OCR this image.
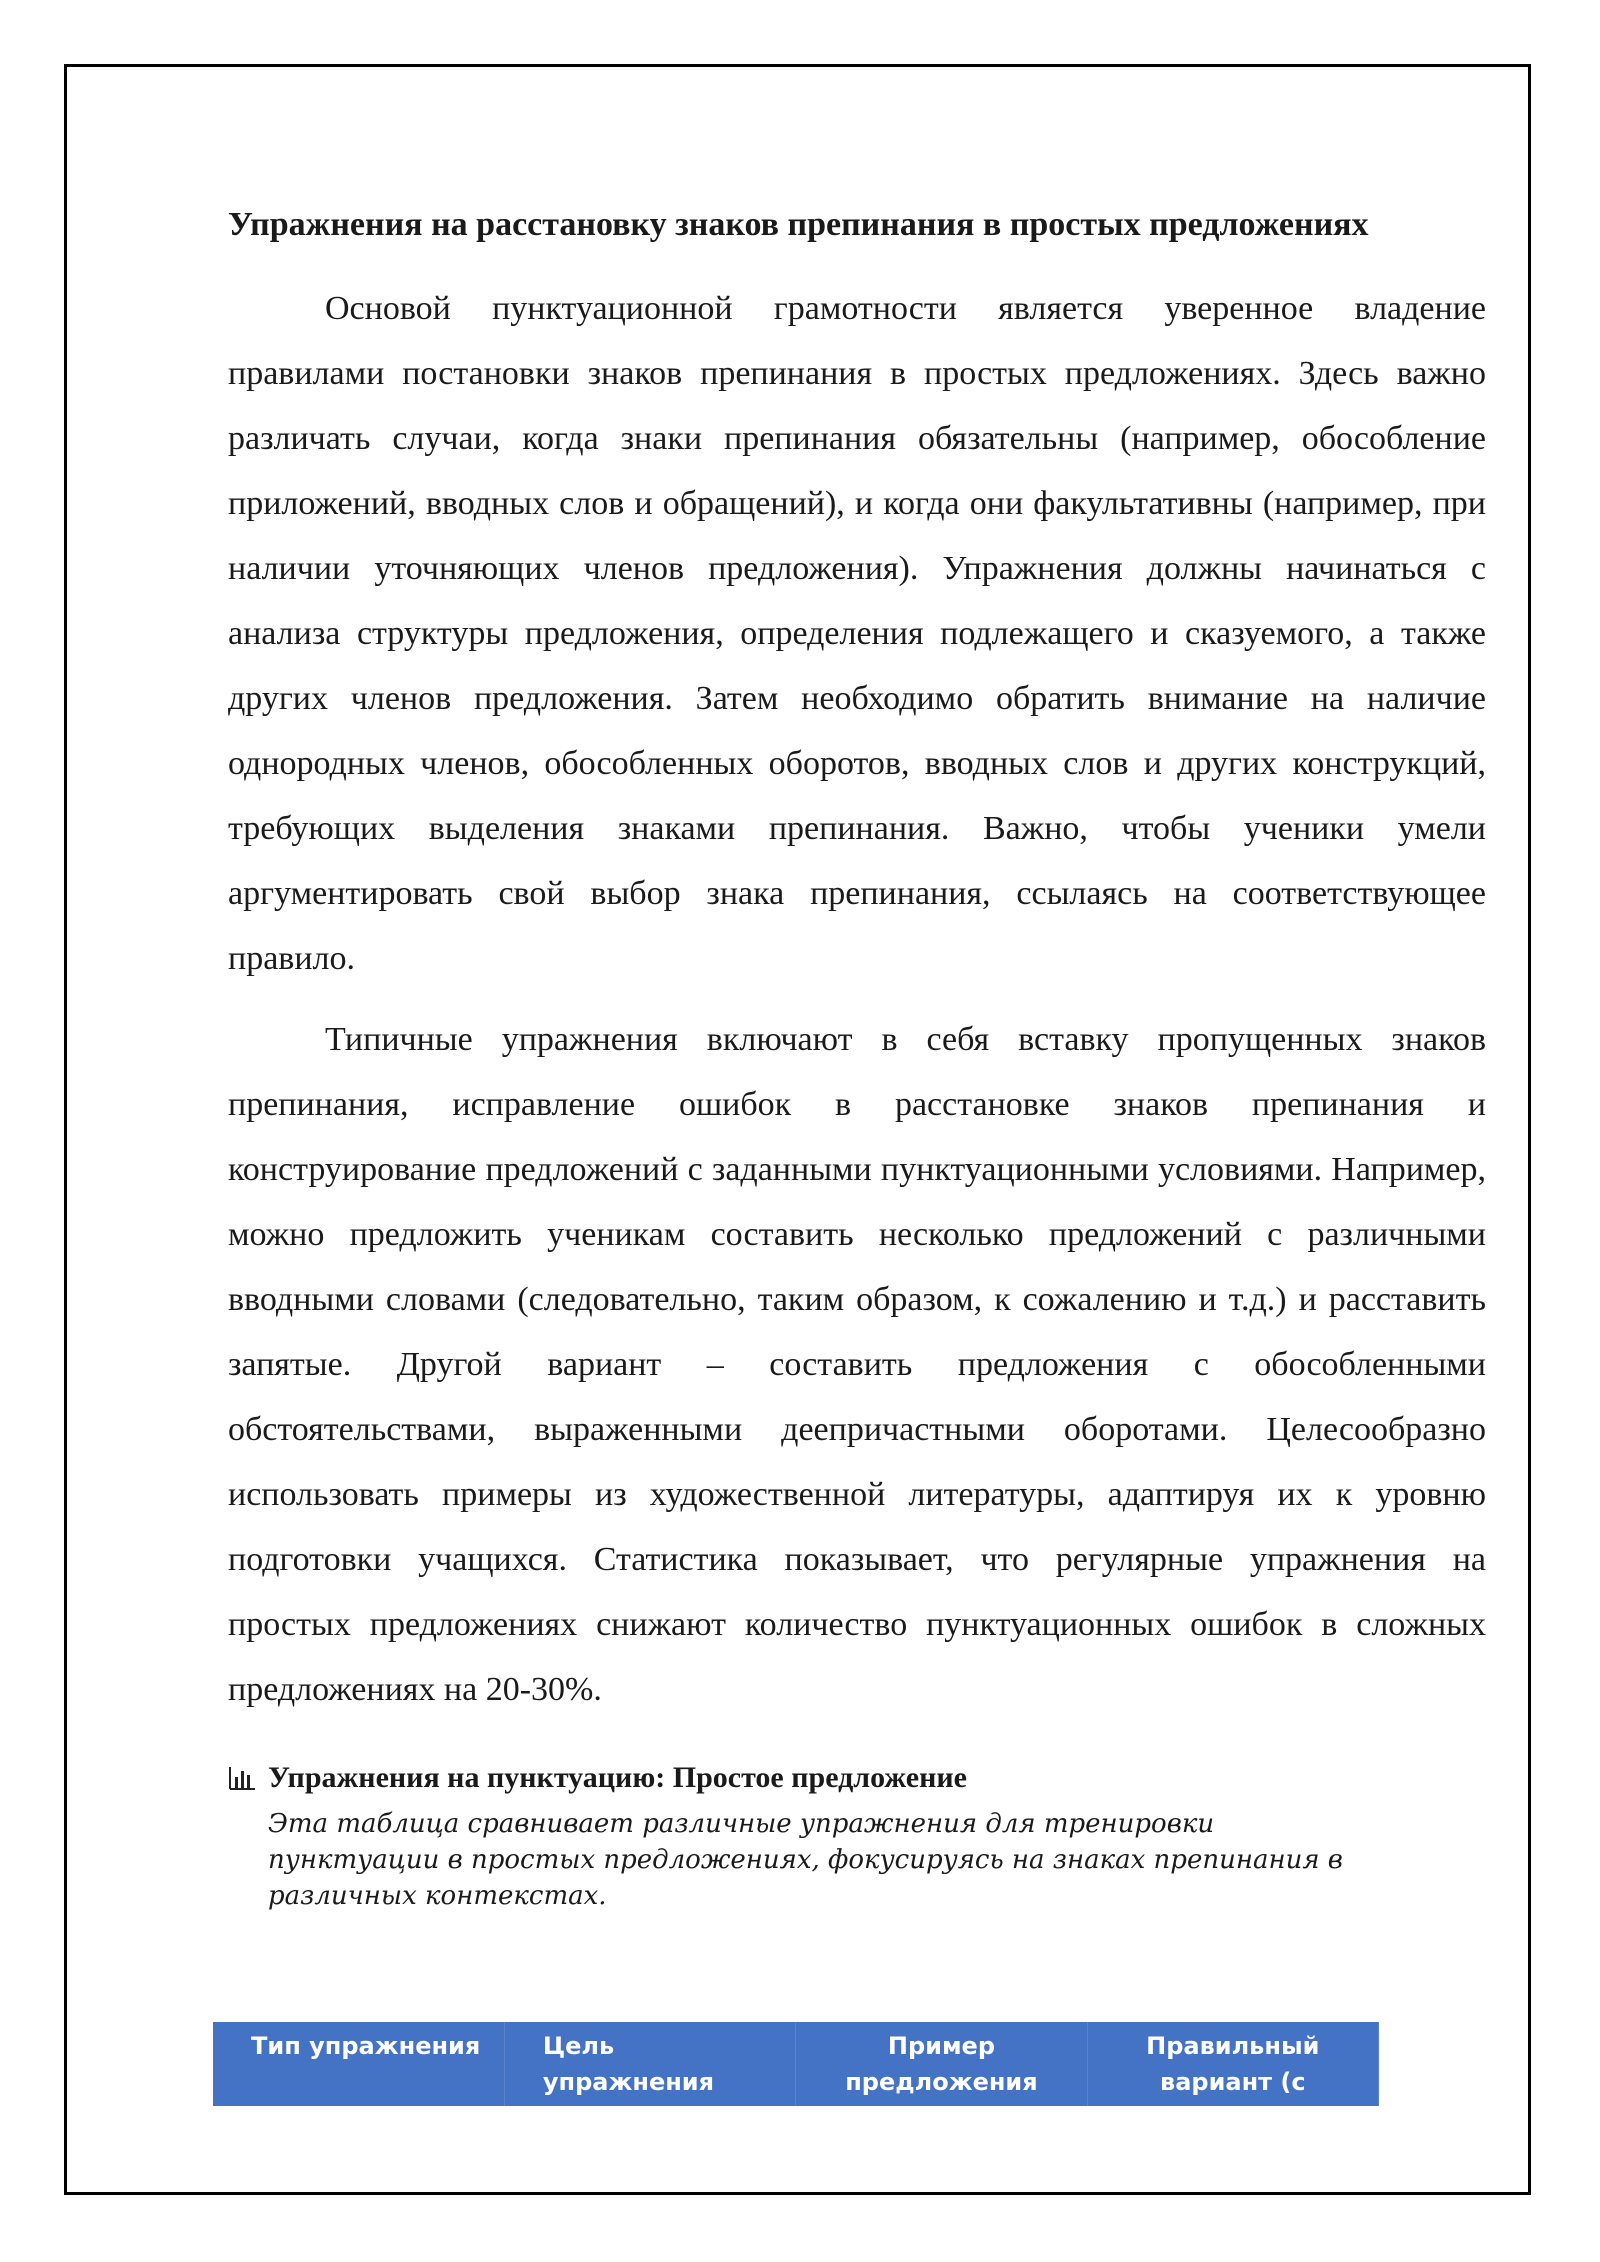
Упражнения на расстановку знаков препинания в простых предложениях

Основой пунктуационной грамотности является уверенное владение правилами постановки знаков препинания в простых предложениях. Здесь важно различать случаи, когда знаки препинания обязательны (например, обособление приложений, вводных слов и обращений), и когда они факультативны (например, при наличии уточняющих членов предложения). Упражнения должны начинаться с анализа структуры предложения, определения подлежащего и сказуемого, а также других членов предложения. Затем необходимо обратить внимание на наличие однородных членов, обособленных оборотов, вводных слов и других конструкций, требующих выделения знаками препинания. Важно, чтобы ученики умели аргументировать свой выбор знака препинания, ссылаясь на соответствующее правило.

Типичные упражнения включают в себя вставку пропущенных знаков препинания, исправление ошибок в расстановке знаков препинания и конструирование предложений с заданными пунктуационными условиями. Например, можно предложить ученикам составить несколько предложений с различными вводными словами (следовательно, таким образом, к сожалению и т.д.) и расставить запятые. Другой вариант – составить предложения с обособленными обстоятельствами, выраженными деепричастными оборотами. Целесообразно использовать примеры из художественной литературы, адаптируя их к уровню подготовки учащихся. Статистика показывает, что регулярные упражнения на простых предложениях снижают количество пунктуационных ошибок в сложных предложениях на 20-30%.

Упражнения на пунктуацию: Простое предложение
Эта таблица сравнивает различные упражнения для тренировки пунктуации в простых предложениях, фокусируясь на знаках препинания в различных контекстах.
Тип упражнения	Цель упражнения	Пример предложения	Правильный вариант (с
